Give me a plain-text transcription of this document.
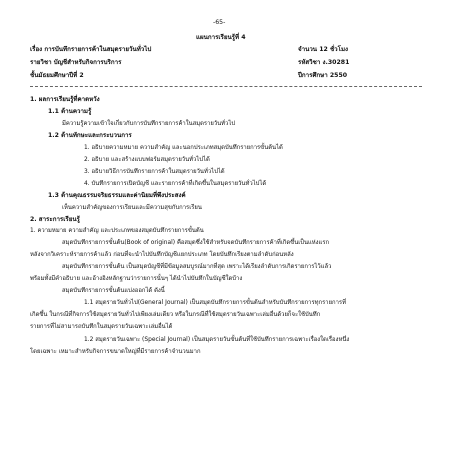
-65-
แผนการเรียนรู้ที่ 4
เรื่อง การบันทึกรายการค้าในสมุดรายวันทั่วไป	จำนวน 12 ชั่วโมง
รายวิชา บัญชีสำหรับกิจการบริการ	รหัสวิชา ง.30281
ชั้นมัธยมศึกษาปีที่ 2	ปีการศึกษา 2550
1. ผลการเรียนรู้ที่คาดหวัง
1.1 ด้านความรู้
มีความรู้ความเข้าใจเกี่ยวกับการบันทึกรายการค้าในสมุดรายวันทั่วไป
1.2 ด้านทักษะและกระบวนการ
1. อธิบายความหมาย ความสำคัญ และนอกประเภทสมุดบันทึกรายการขั้นต้นได้
2. อธิบาย และสร้างแบบฟอร์มสมุดรายวันทั่วไปได้
3. อธิบายวิธีการบันทึกรายการค้าในสมุดรายวันทั่วไปได้
4. บันทึกรายการเปิดบัญชี และรายการค้าที่เกิดขึ้นในสมุดรายวันทั่วไปได้
1.3 ด้านคุณธรรมจริยธรรมและค่านิยมที่พึงประสงค์
เห็นความสำคัญของการเรียนและมีความสุขกับการเรียน
2. สาระการเรียนรู้
1. ความหมาย ความสำคัญ และประเภทของสมุดบันทึกรายการขั้นต้น
สมุดบันทึกรายการขั้นต้น(Book of original) คือสมุดซึ่งใช้สำหรับจดบันทึกรายการค้าที่เกิดขึ้นเป็นแห่งแรก
หลังจากวิเคราะห์รายการค้าแล้ว ก่อนที่จะนำไปบันทึกบัญชีแยกประเภท โดยบันทึกเรียงตามลำดับก่อนหลัง
สมุดบันทึกรายการขั้นต้น เป็นสมุดบัญชีที่มีข้อมูลสมบูรณ์มากที่สุด เพราะได้เรียงลำดับการเกิดรายการไว้แล้ว
พร้อมทั้งมีคำอธิบาย และอ้างอิงหลักฐานว่ารายการนั้นๆ ได้นำไปบันทึกในบัญชีใดบ้าง
สมุดบันทึกรายการขั้นต้นแบ่งออกได้ ดังนี้
1.1 สมุดรายวันทั่วไป(General Journal) เป็นสมุดบันทึกรายการขั้นต้นสำหรับบันทึกรายการทุกรายการที่
เกิดขึ้น ในกรณีที่กิจการใช้สมุดรายวันทั่วไปเพียงเล่มเดียว หรือในกรณีที่ใช้สมุดรายวันเฉพาะเล่มอื่นด้วยก็จะใช้บันทึก
รายการที่ไม่สามารถบันทึกในสมุดรายวันเฉพาะเล่มอื่นได้
1.2 สมุดรายวันเฉพาะ (Special Journal) เป็นสมุดรายวันขั้นต้นที่ใช้บันทึกรายการเฉพาะเรื่องใดเรื่องหนึ่ง
โดยเฉพาะ เหมาะสำหรับกิจการขนาดใหญ่ที่มีรายการค้าจำนวนมาก
